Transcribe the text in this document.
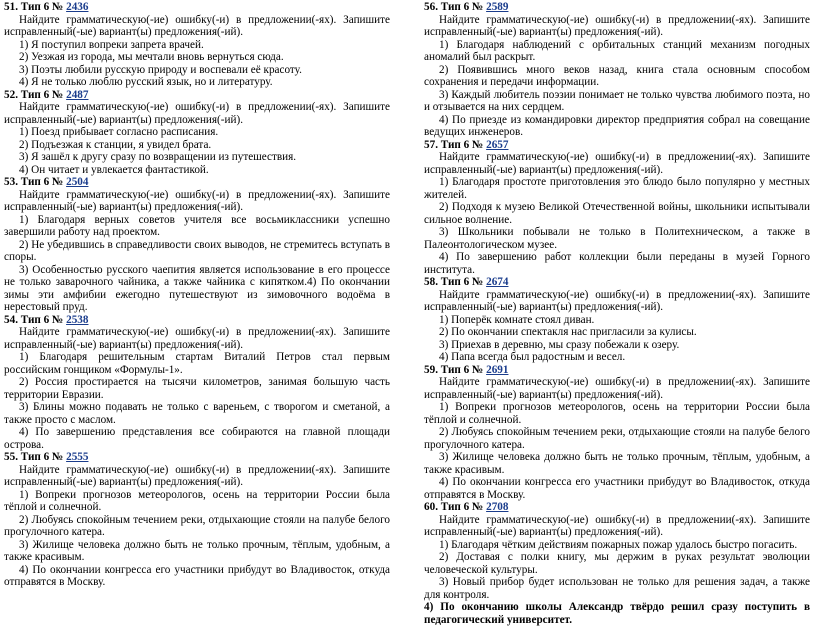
51. Тип 6 № 2436
Найдите грамматическую(-ие) ошибку(-и) в предложении(-ях). Запишите исправленный(-ые) вариант(ы) предложения(-ий).
1) Я поступил вопреки запрета врачей.
2) Уезжая из города, мы мечтали вновь вернуться сюда.
3) Поэты любили русскую природу и воспевали её красоту.
4) Я не только люблю русский язык, но и литературу.
52. Тип 6 № 2487
Найдите грамматическую(-ие) ошибку(-и) в предложении(-ях). Запишите исправленный(-ые) вариант(ы) предложения(-ий).
1) Поезд прибывает согласно расписания.
2) Подъезжая к станции, я увидел брата.
3) Я зашёл к другу сразу по возвращении из путешествия.
4) Он читает и увлекается фантастикой.
53. Тип 6 № 2504
Найдите грамматическую(-ие) ошибку(-и) в предложении(-ях). Запишите исправленный(-ые) вариант(ы) предложения(-ий).
1) Благодаря верных советов учителя все восьмиклассники успешно завершили работу над проектом.
2) Не убедившись в справедливости своих выводов, не стремитесь вступать в споры.
3) Особенностью русского чаепития является использование в его процессе не только заварочного чайника, а также чайника с кипятком.4) По окончании зимы эти амфибии ежегодно путешествуют из зимовочного водоёма в нерестовый пруд.
54. Тип 6 № 2538
Найдите грамматическую(-ие) ошибку(-и) в предложении(-ях). Запишите исправленный(-ые) вариант(ы) предложения(-ий).
1) Благодаря решительным стартам Виталий Петров стал первым российским гонщиком «Формулы-1».
2) Россия простирается на тысячи километров, занимая большую часть территории Евразии.
3) Блины можно подавать не только с вареньем, с творогом и сметаной, а также просто с маслом.
4) По завершению представления все собираются на главной площади острова.
55. Тип 6 № 2555
Найдите грамматическую(-ие) ошибку(-и) в предложении(-ях). Запишите исправленный(-ые) вариант(ы) предложения(-ий).
1) Вопреки прогнозов метеорологов, осень на территории России была тёплой и солнечной.
2) Любуясь спокойным течением реки, отдыхающие стояли на палубе белого прогулочного катера.
3) Жилище человека должно быть не только прочным, тёплым, удобным, а также красивым.
4) По окончании конгресса его участники прибудут во Владивосток, откуда отправятся в Москву.
56. Тип 6 № 2589
Найдите грамматическую(-ие) ошибку(-и) в предложении(-ях). Запишите исправленный(-ые) вариант(ы) предложения(-ий).
1) Благодаря наблюдений с орбитальных станций механизм погодных аномалий был раскрыт.
2) Появившись много веков назад, книга стала основным способом сохранения и передачи информации.
3) Каждый любитель поэзии понимает не только чувства любимого поэта, но и отзывается на них сердцем.
4) По приезде из командировки директор предприятия собрал на совещание ведущих инженеров.
57. Тип 6 № 2657
Найдите грамматическую(-ие) ошибку(-и) в предложении(-ях). Запишите исправленный(-ые) вариант(ы) предложения(-ий).
1) Благодаря простоте приготовления это блюдо было популярно у местных жителей.
2) Подходя к музею Великой Отечественной войны, школьники испытывали сильное волнение.
3) Школьники побывали не только в Политехническом, а также в Палеонтологическом музее.
4) По завершению работ коллекции были переданы в музей Горного института.
58. Тип 6 № 2674
Найдите грамматическую(-ие) ошибку(-и) в предложении(-ях). Запишите исправленный(-ые) вариант(ы) предложения(-ий).
1) Поперёк комнате стоял диван.
2) По окончании спектакля нас пригласили за кулисы.
3) Приехав в деревню, мы сразу побежали к озеру.
4) Папа всегда был радостным и весел.
59. Тип 6 № 2691
Найдите грамматическую(-ие) ошибку(-и) в предложении(-ях). Запишите исправленный(-ые) вариант(ы) предложения(-ий).
1) Вопреки прогнозов метеорологов, осень на территории России была тёплой и солнечной.
2) Любуясь спокойным течением реки, отдыхающие стояли на палубе белого прогулочного катера.
3) Жилище человека должно быть не только прочным, тёплым, удобным, а также красивым.
4) По окончании конгресса его участники прибудут во Владивосток, откуда отправятся в Москву.
60. Тип 6 № 2708
Найдите грамматическую(-ие) ошибку(-и) в предложении(-ях). Запишите исправленный(-ые) вариант(ы) предложения(-ий).
1) Благодаря чётким действиям пожарных пожар удалось быстро погасить.
2) Доставая с полки книгу, мы держим в руках результат эволюции человеческой культуры.
3) Новый прибор будет использован не только для решения задач, а также для контроля.
4) По окончанию школы Александр твёрдо решил сразу поступить в педагогический университет.
